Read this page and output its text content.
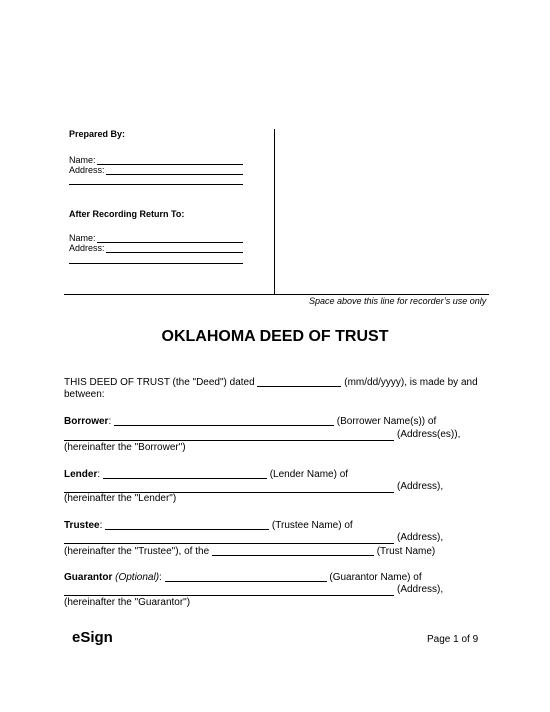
Prepared By:
Name:
Address:
After Recording Return To:
Name:
Address:
Space above this line for recorder’s use only
OKLAHOMA DEED OF TRUST
THIS DEED OF TRUST (the "Deed") dated	(mm/dd/yyyy), is made by and
between:
Borrower:	(Borrower Name(s)) of
(Address(es)),
(hereinafter the "Borrower")
Lender:	(Lender Name) of
(Address),
(hereinafter the "Lender")
Trustee:	(Trustee Name) of
(Address),
(hereinafter the "Trustee"), of the	(Trust Name)
Guarantor (Optional):	(Guarantor Name) of
(Address),
(hereinafter the "Guarantor")
eSign	Page 1 of 9
